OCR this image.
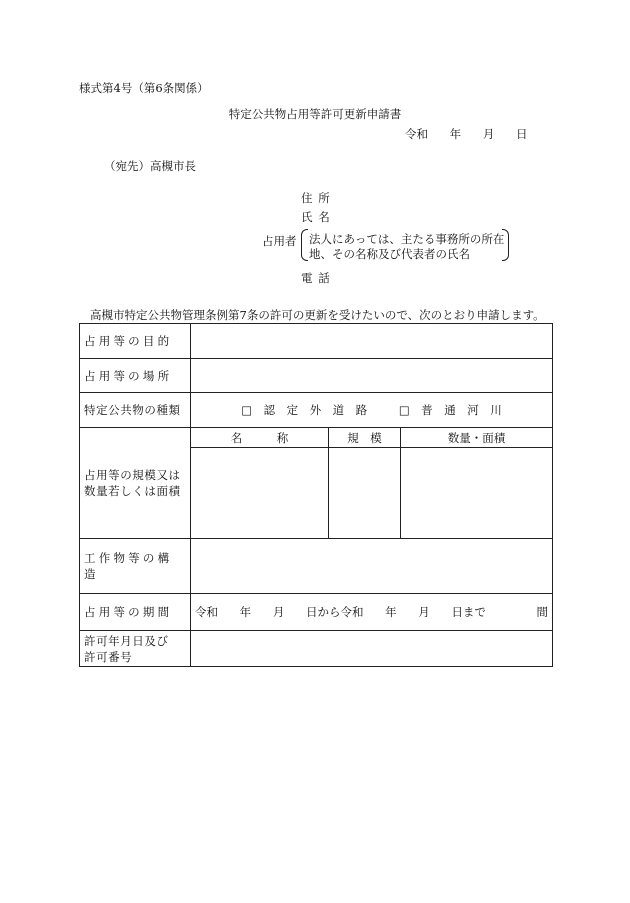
様式第4号（第6条関係）
特定公共物占用等許可更新申請書
令和 年 月 日
（宛先）高槻市長
住所
氏名
占用者 法人にあっては、主たる事務所の所在
地、その名称及び代表者の氏名
電話
高槻市特定公共物管理条例第7条の許可の更新を受けたいので、次のとおり申請します。
占用等の目的			
占用等の場所			
特定公共物の種類	□　認　定　外　道　路 □　普　通　河　川		

占用等の規模又は
数量若しくは面積	名　　　称	規　模	数量・面積

工作物等の構造			
占用等の期間	令和 年 月 日から令和 年 月 日まで 間		

許可年月日及び
許可番号			
